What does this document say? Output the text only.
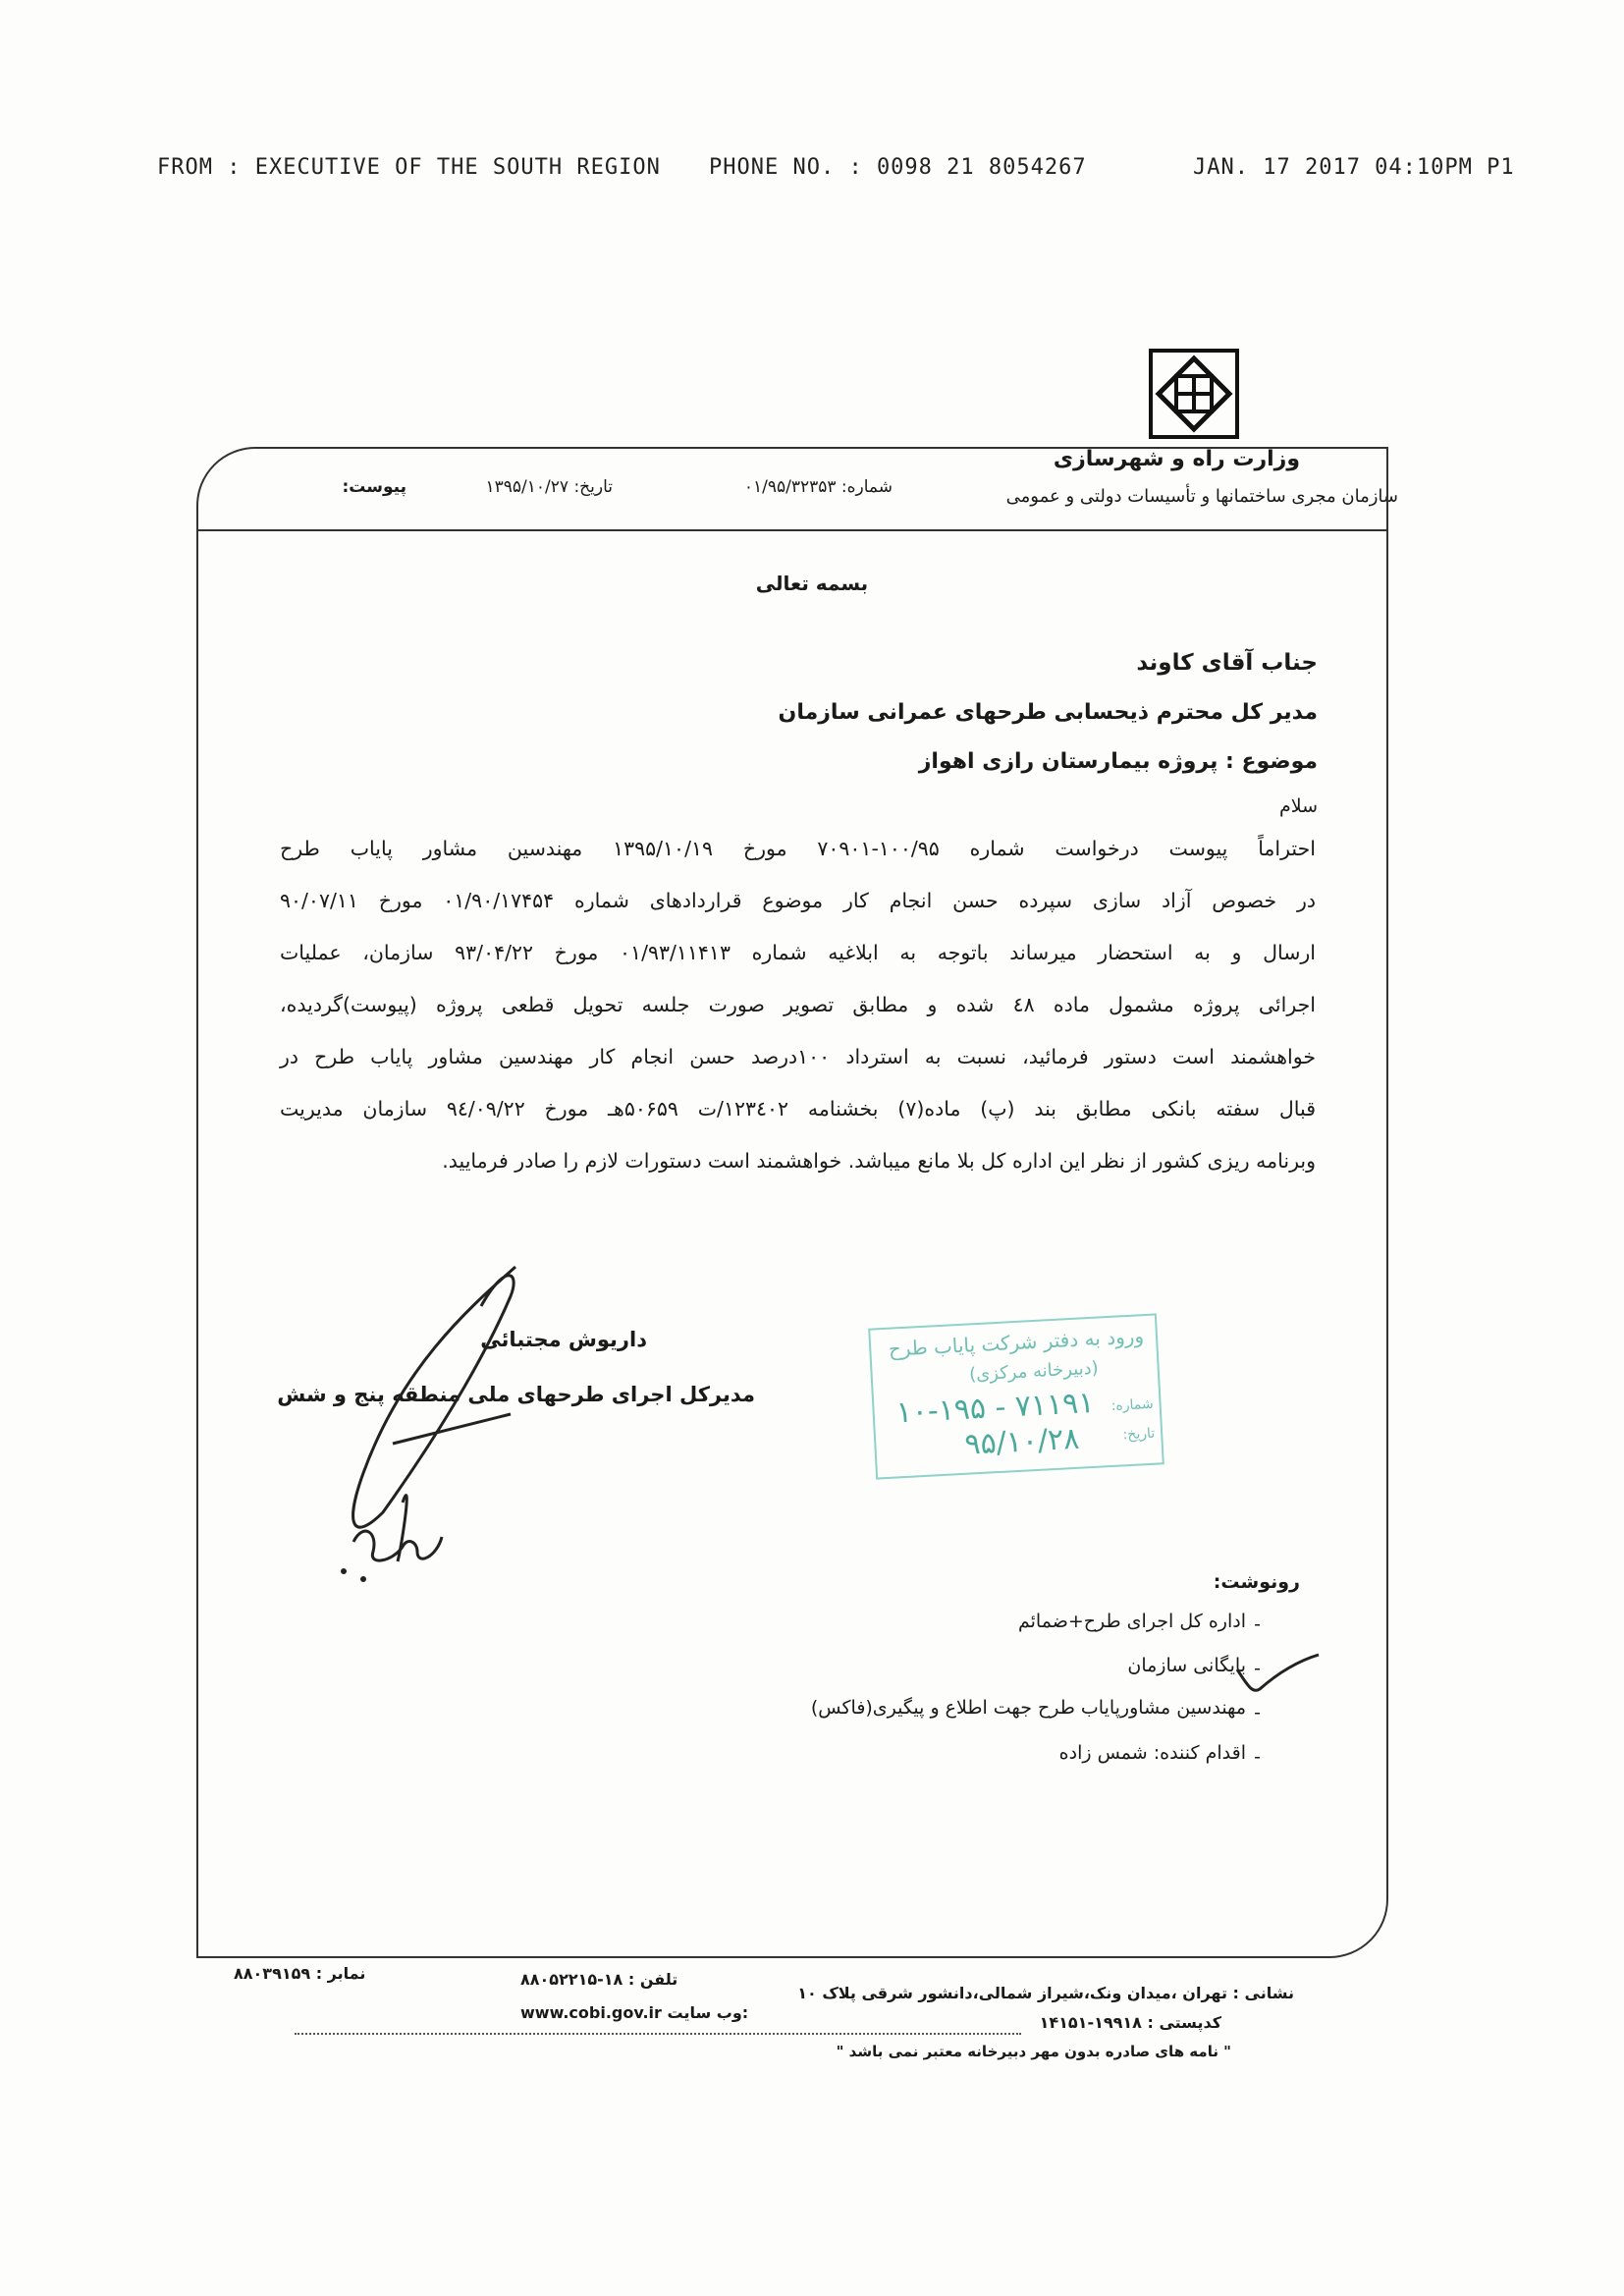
FROM : EXECUTIVE OF THE SOUTH REGION PHONE NO. : 0098 21 8054267	JAN. 17 2017 04:10PM P1
وزارت راه و شهرسازی
سازمان مجری ساختمانها و تأسیسات دولتی و عمومی
شماره: ۰۱/۹۵/۳۲۳۵۳
تاریخ: ۱۳۹۵/۱۰/۲۷
پیوست:
بسمه تعالی
جناب آقای کاوند
مدیر کل محترم ذیحسابی طرحهای عمرانی سازمان
موضوع : پروژه بیمارستان رازی اهواز
سلام
احتراماً پیوست درخواست شماره ۱۰۰/۹۵-۷۰۹۰۱ مورخ ۱۳۹۵/۱۰/۱۹ مهندسین مشاور پایاب طرح
در خصوص آزاد سازی سپرده حسن انجام کار موضوع قراردادهای شماره ۰۱/۹۰/۱۷۴۵۴ مورخ ۹۰/۰۷/۱۱
ارسال و به استحضار میرساند باتوجه به ابلاغیه شماره ۰۱/۹۳/۱۱۴۱۳ مورخ ۹۳/۰۴/۲۲ سازمان، عملیات
اجرائی پروژه مشمول ماده ٤٨ شده و مطابق تصویر صورت جلسه تحویل قطعی پروژه (پیوست)گردیده،
خواهشمند است دستور فرمائید، نسبت به استرداد ۱۰۰درصد حسن انجام کار مهندسین مشاور پایاب طرح در
قبال سفته بانکی مطابق بند (پ) ماده(۷) بخشنامه ۱۲۳٤۰۲/ت ۵۰۶۵۹هـ مورخ ۹٤/۰۹/۲۲ سازمان مدیریت
وبرنامه ریزی کشور از نظر این اداره کل بلا مانع میباشد. خواهشمند است دستورات لازم را صادر فرمایید.
داریوش مجتبائی
مدیرکل اجرای طرحهای ملی منطقه پنج و شش
ورود به دفتر شرکت پایاب طرح
(دبیرخانه مرکزی)
شماره:
تاریخ:
۱۰-۱۹۵ - ۷۱۱۹۱
۹۵/۱۰/۲۸
رونوشت:
-
اداره کل اجرای طرح+ضمائم
-
بایگانی سازمان
-
مهندسین مشاورپایاب طرح جهت اطلاع و پیگیری(فاکس)
-
اقدام کننده: شمس زاده
نشانی : تهران ،میدان ونک،شیراز شمالی،دانشور شرقی پلاک ۱۰
کدپستی : ۱۹۹۱۸-۱۴۱۵۱
" نامه های صادره بدون مهر دبیرخانه معتبر نمی باشد "
تلفن : ۱۸-۸۸۰۵۲۲۱۵
www.cobi.gov.ir وب سایت:
نمابر : ۸۸۰۳۹۱۵۹
